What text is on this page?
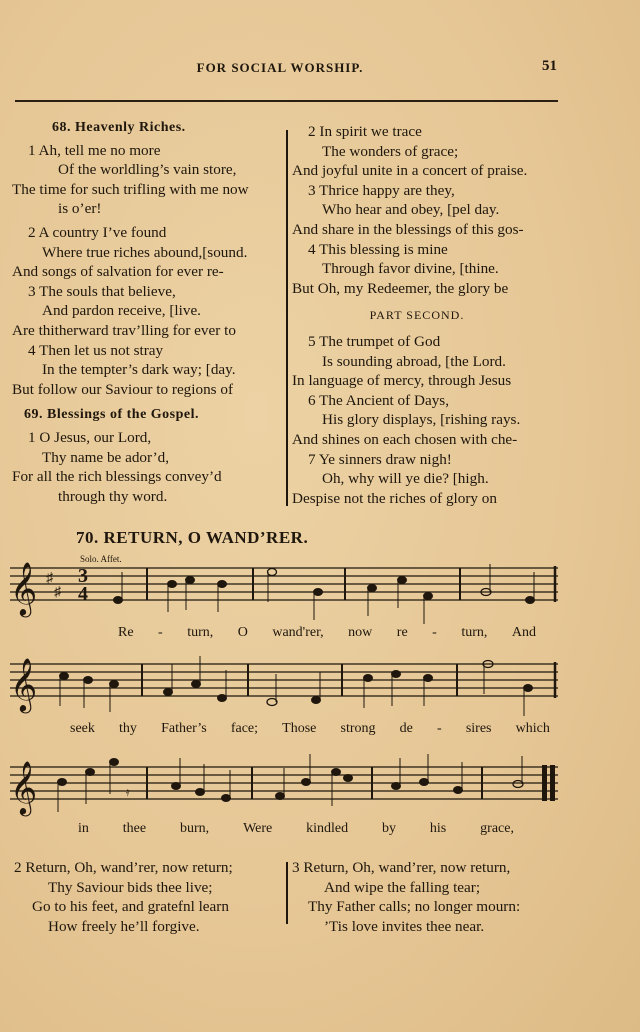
FOR SOCIAL WORSHIP.	51
68. Heavenly Riches.
1 Ah, tell me no more
Of the worldling’s vain store,
The time for such trifling with me now
is o’er!
2 A country I’ve found
Where true riches abound,[sound.
And songs of salvation for ever re-
3 The souls that believe,
And pardon receive, [live.
Are thitherward trav’lling for ever to
4 Then let us not stray
In the tempter’s dark way; [day.
But follow our Saviour to regions of
69. Blessings of the Gospel.
1 O Jesus, our Lord,
Thy name be ador’d,
For all the rich blessings convey’d
through thy word.
2 In spirit we trace
The wonders of grace;
And joyful unite in a concert of praise.
3 Thrice happy are they,
Who hear and obey, [pel day.
And share in the blessings of this gos-
4 This blessing is mine
Through favor divine, [thine.
But Oh, my Redeemer, the glory be
PART SECOND.
5 The trumpet of God
Is sounding abroad, [the Lord.
In language of mercy, through Jesus
6 The Ancient of Days,
His glory displays, [rishing rays.
And shines on each chosen with che-
7 Ye sinners draw nigh!
Oh, why will ye die? [high.
Despise not the riches of glory on
70. RETURN, O WAND’RER.
Solo. Affet.
𝄞 ♯
♯
3
4
𝄞
𝄞	𝄿
Re - turn, O wand'rer, now re - turn, And
seek thy Father’s face; Those strong de - sires which
in thee burn, Were kindled by his grace,
2 Return, Oh, wand’rer, now return;
Thy Saviour bids thee live;
Go to his feet, and gratefnl learn
How freely he’ll forgive.
3 Return, Oh, wand’rer, now return,
And wipe the falling tear;
Thy Father calls; no longer mourn:
’Tis love invites thee near.
